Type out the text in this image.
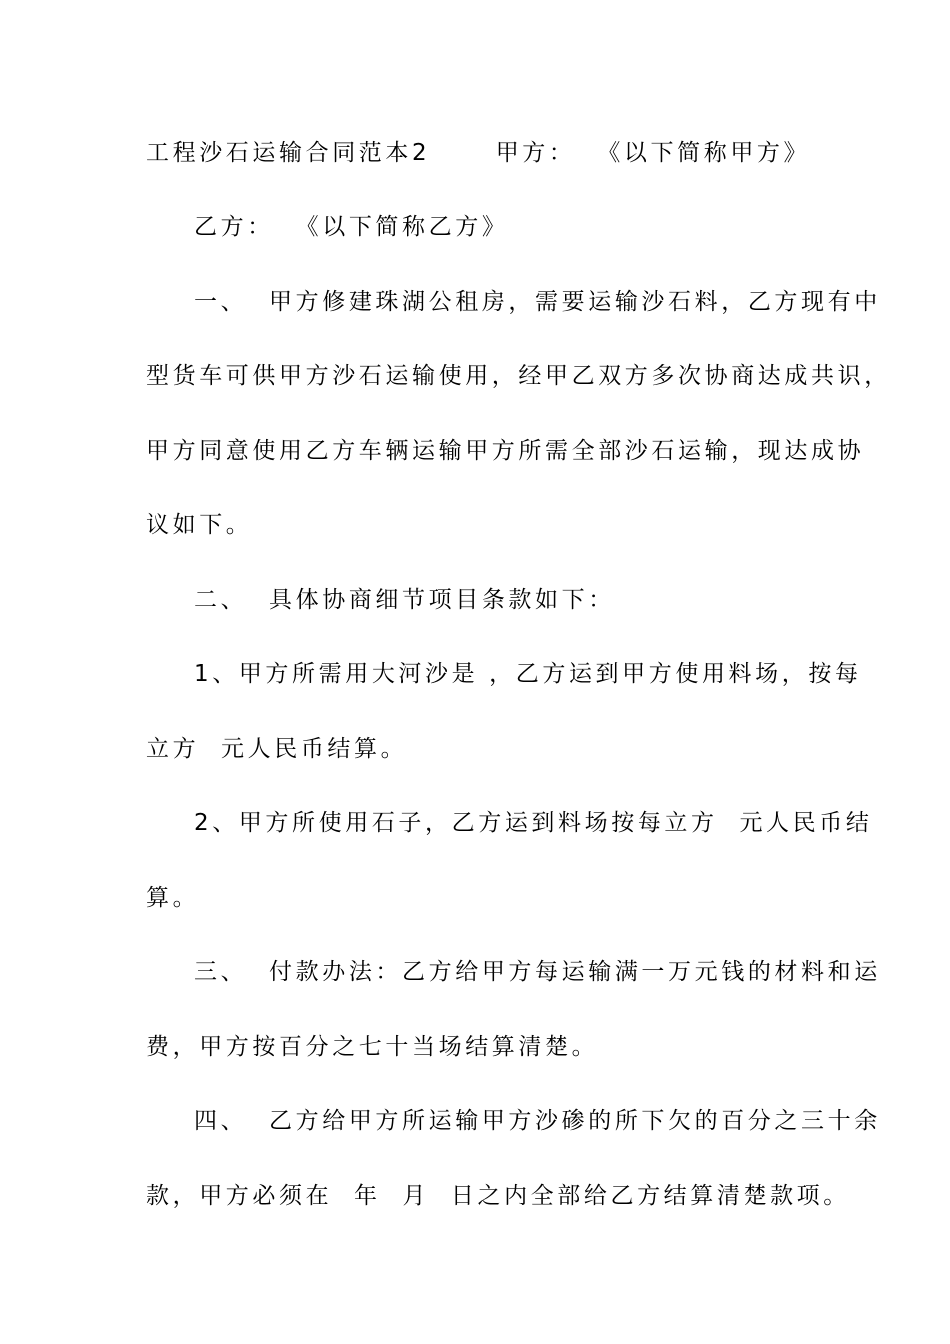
工程沙石运输合同范本2      甲方：  《以下简称甲方》
乙方：  《以下简称乙方》
一、  甲方修建珠湖公租房，需要运输沙石料，乙方现有中
型货车可供甲方沙石运输使用，经甲乙双方多次协商达成共识，
甲方同意使用乙方车辆运输甲方所需全部沙石运输，现达成协
议如下。
二、  具体协商细节项目条款如下：
1、甲方所需用大河沙是 ，乙方运到甲方使用料场，按每
立方  元人民币结算。
2、甲方所使用石子，乙方运到料场按每立方  元人民币结
算。
三、  付款办法：乙方给甲方每运输满一万元钱的材料和运
费，甲方按百分之七十当场结算清楚。
四、  乙方给甲方所运输甲方沙碜的所下欠的百分之三十余
款，甲方必须在  年  月  日之内全部给乙方结算清楚款项。
